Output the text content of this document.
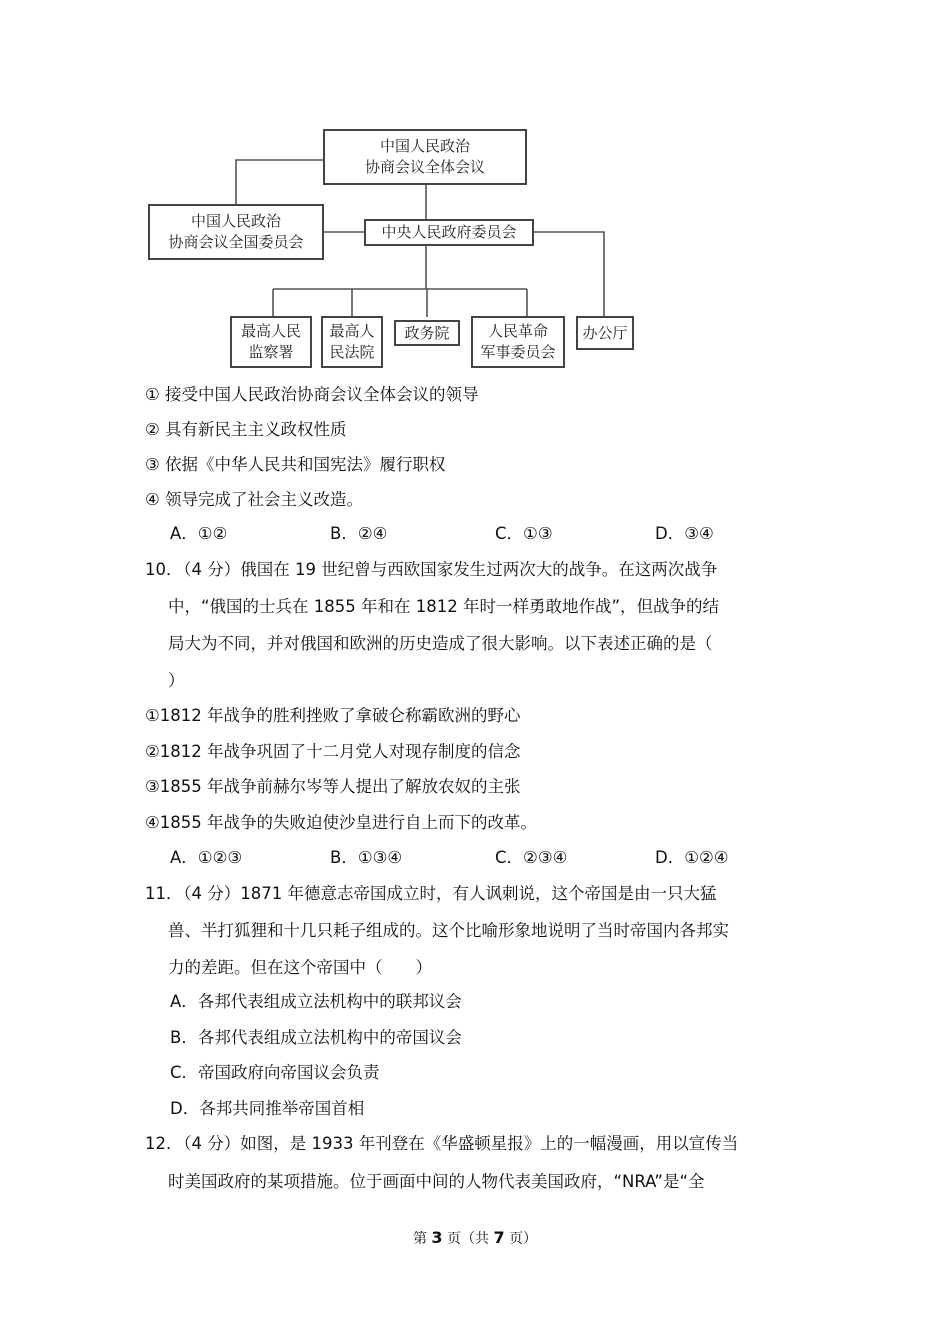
中国人民政治
协商会议全体会议
中国人民政治
协商会议全国委员会
中央人民政府委员会
最高人民
监察署
最高人
民法院
政务院	人民革命
军事委员会
办公厅
① 接受中国人民政治协商会议全体会议的领导
② 具有新民主主义政权性质
③ 依据《中华人民共和国宪法》履行职权
④ 领导完成了社会主义改造。
A．①②	B．②④	C．①③	D．③④
10．
（4 分）俄国在 19 世纪曾与西欧国家发生过两次大的战争。在这两次战争
中，“俄国的士兵在 1855 年和在 1812 年时一样勇敢地作战”，但战争的结
局大为不同，并对俄国和欧洲的历史造成了很大影响。以下表述正确的是（
）
①1812 年战争的胜利挫败了拿破仑称霸欧洲的野心
②1812 年战争巩固了十二月党人对现存制度的信念
③1855 年战争前赫尔岑等人提出了解放农奴的主张
④1855 年战争的失败迫使沙皇进行自上而下的改革。
A．①②③	B．①③④	C．②③④	D．①②④
11．
（4 分）1871 年德意志帝国成立时，有人讽刺说，这个帝国是由一只大猛
兽、半打狐狸和十几只耗子组成的。这个比喻形象地说明了当时帝国内各邦实
力的差距。但在这个帝国中（　　）
A．各邦代表组成立法机构中的联邦议会
B．各邦代表组成立法机构中的帝国议会
C．帝国政府向帝国议会负责
D．各邦共同推举帝国首相
12．
（4 分）如图，是 1933 年刊登在《华盛顿星报》上的一幅漫画，用以宣传当
时美国政府的某项措施。位于画面中间的人物代表美国政府，“NRA”是“全
第 3 页（共 7 页）
